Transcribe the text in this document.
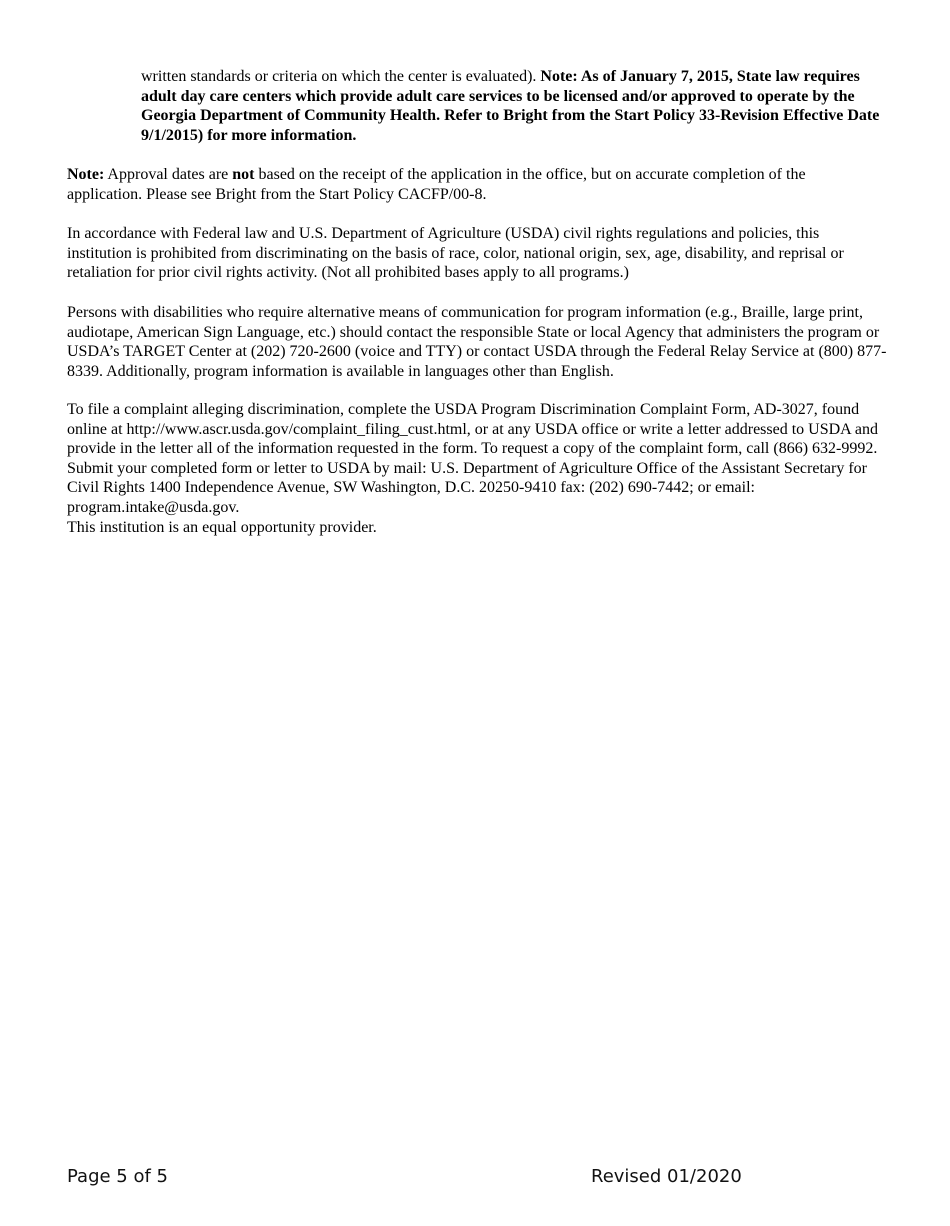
written standards or criteria on which the center is evaluated). Note: As of January 7, 2015, State law requires adult day care centers which provide adult care services to be licensed and/or approved to operate by the Georgia Department of Community Health. Refer to Bright from the Start Policy 33-Revision Effective Date 9/1/2015) for more information.

Note: Approval dates are not based on the receipt of the application in the office, but on accurate completion of the application. Please see Bright from the Start Policy CACFP/00-8.

In accordance with Federal law and U.S. Department of Agriculture (USDA) civil rights regulations and policies, this institution is prohibited from discriminating on the basis of race, color, national origin, sex, age, disability, and reprisal or retaliation for prior civil rights activity. (Not all prohibited bases apply to all programs.)

Persons with disabilities who require alternative means of communication for program information (e.g., Braille, large print, audiotape, American Sign Language, etc.) should contact the responsible State or local Agency that administers the program or USDA’s TARGET Center at (202) 720-2600 (voice and TTY) or contact USDA through the Federal Relay Service at (800) 877-8339. Additionally, program information is available in languages other than English.

To file a complaint alleging discrimination, complete the USDA Program Discrimination Complaint Form, AD-3027, found online at http://www.ascr.usda.gov/complaint_filing_cust.html, or at any USDA office or write a letter addressed to USDA and provide in the letter all of the information requested in the form. To request a copy of the complaint form, call (866) 632-9992. Submit your completed form or letter to USDA by mail: U.S. Department of Agriculture Office of the Assistant Secretary for Civil Rights 1400 Independence Avenue, SW Washington, D.C. 20250-9410 fax: (202) 690-7442; or email: program.intake@usda.gov.

This institution is an equal opportunity provider.

Page 5 of 5	Revised 01/2020
